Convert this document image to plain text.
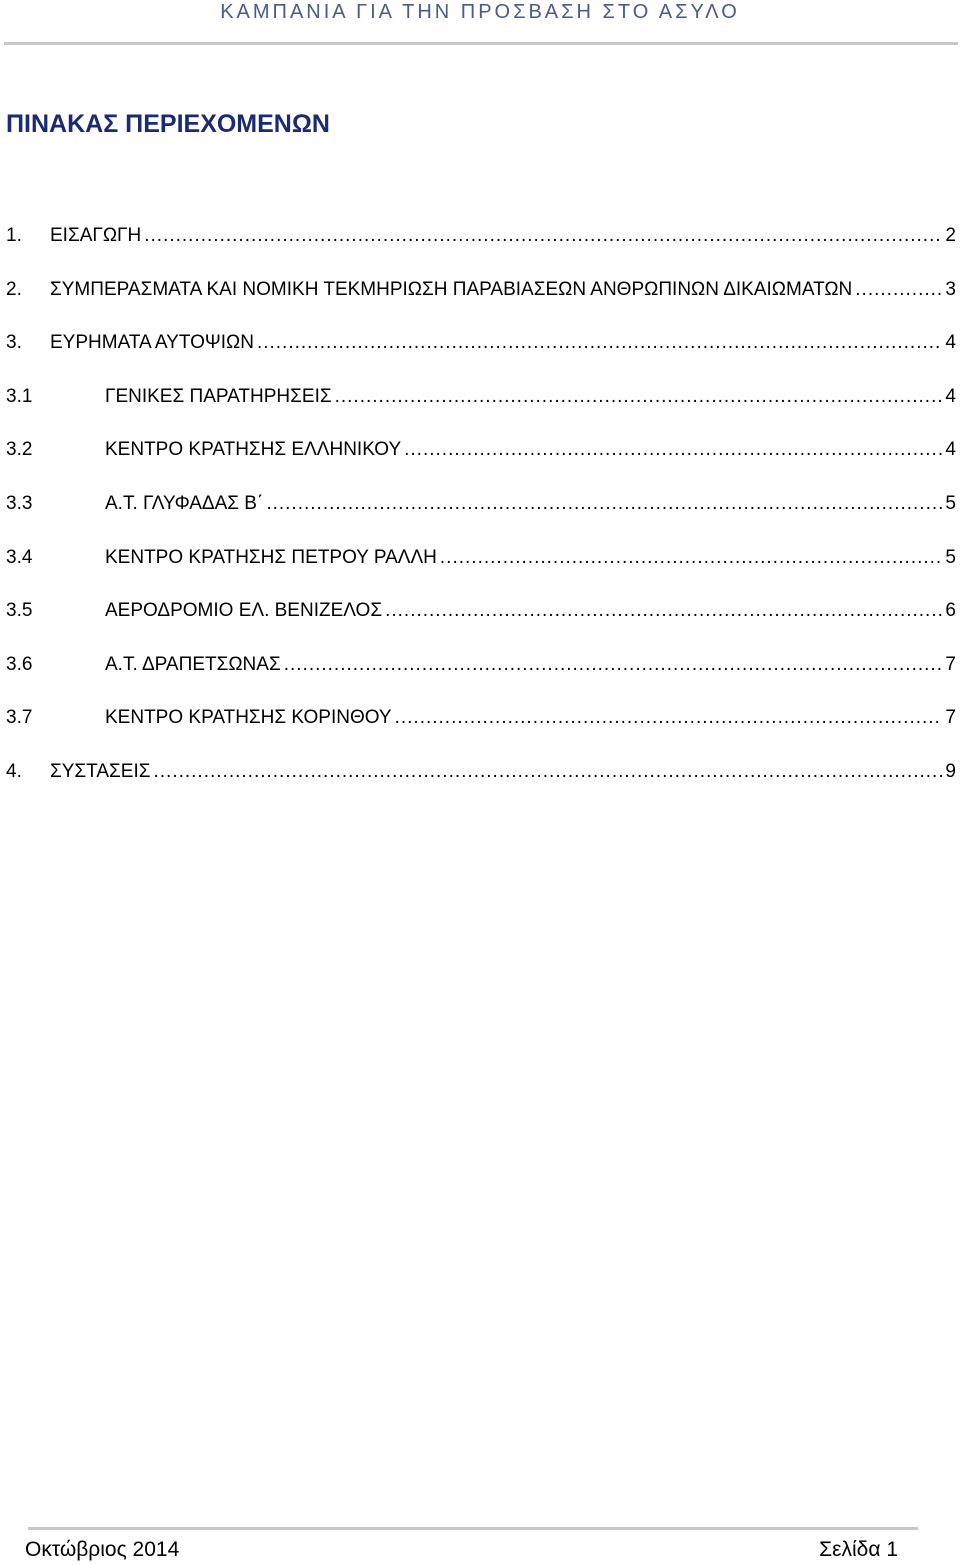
ΚΑΜΠΑΝΙΑ ΓΙΑ ΤΗΝ ΠΡΟΣΒΑΣΗ ΣΤΟ ΑΣΥΛΟ
ΠΙΝΑΚΑΣ ΠΕΡΙΕΧΟΜΕΝΩΝ
1.	ΕΙΣΑΓΩΓΗ .....	2
2.	ΣΥΜΠΕΡΑΣΜΑΤΑ ΚΑΙ ΝΟΜΙΚΗ ΤΕΚΜΗΡΙΩΣΗ ΠΑΡΑΒΙΑΣΕΩΝ ΑΝΘΡΩΠΙΝΩΝ ΔΙΚΑΙΩΜΑΤΩΝ .....	3
3.	ΕΥΡΗΜΑΤΑ ΑΥΤΟΨΙΩΝ .....	4
3.1	ΓΕΝΙΚΕΣ ΠΑΡΑΤΗΡΗΣΕΙΣ .....	4
3.2	ΚΕΝΤΡΟ ΚΡΑΤΗΣΗΣ ΕΛΛΗΝΙΚΟΥ .....	4
3.3	Α.Τ. ΓΛΥΦΑΔΑΣ Β΄ .....	5
3.4	ΚΕΝΤΡΟ ΚΡΑΤΗΣΗΣ ΠΕΤΡΟΥ ΡΑΛΛΗ .....	5
3.5	ΑΕΡΟΔΡΟΜΙΟ ΕΛ. ΒΕΝΙΖΕΛΟΣ .....	6
3.6	Α.Τ. ΔΡΑΠΕΤΣΩΝΑΣ .....	7
3.7	ΚΕΝΤΡΟ ΚΡΑΤΗΣΗΣ ΚΟΡΙΝΘΟΥ .....	7
4.	ΣΥΣΤΑΣΕΙΣ .....	9
Οκτώβριος 2014	Σελίδα 1
